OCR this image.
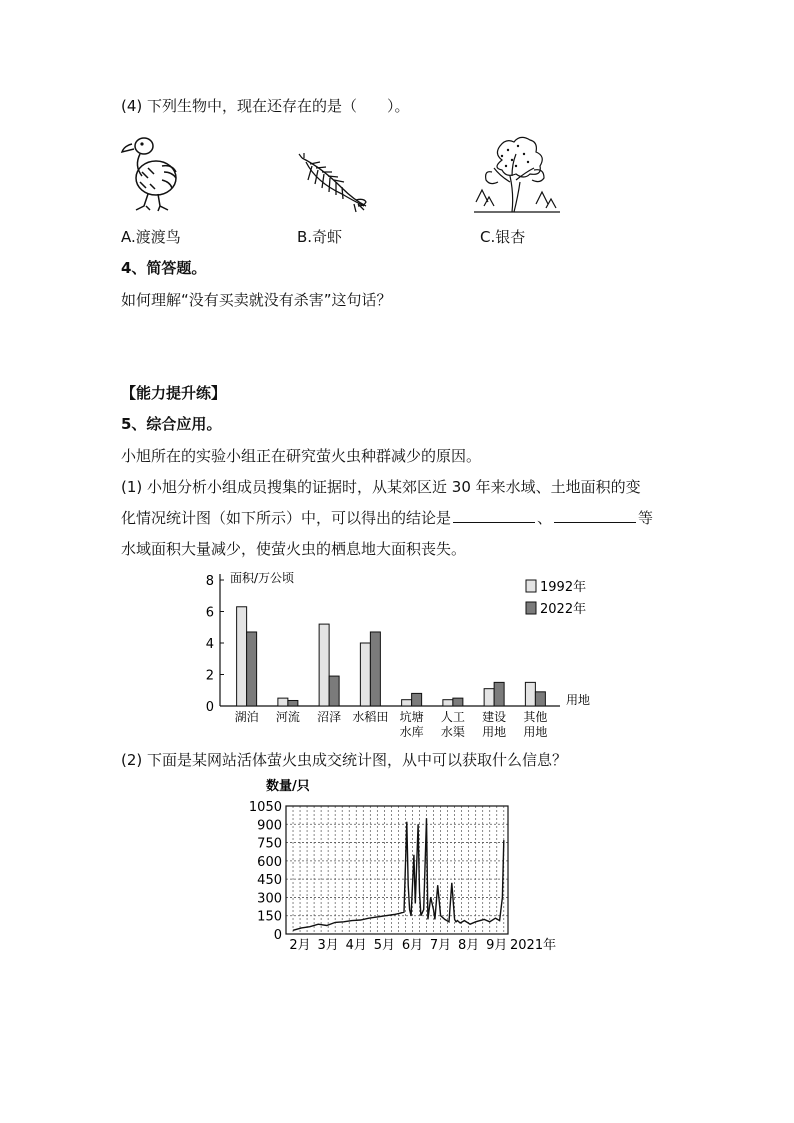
(4) 下列生物中，现在还存在的是（　　）。
A.渡渡鸟	B.奇虾	C.银杏
4、简答题。
如何理解“没有买卖就没有杀害”这句话？
【能力提升练】
5、综合应用。
小旭所在的实验小组正在研究萤火虫种群减少的原因。
(1) 小旭分析小组成员搜集的证据时，从某郊区近 30 年来水域、土地面积的变
化情况统计图（如下所示）中，可以得出的结论是	、	等
水域面积大量减少，使萤火虫的栖息地大面积丧失。
0
2
4
6
8 面积/万公顷
用地
湖泊 河流 沼泽 水稻田 坑塘
水库
人工
水渠
建设
用地
其他
用地
1992年
2022年
(2) 下面是某网站活体萤火虫成交统计图，从中可以获取什么信息？
0
150
300
450
600
750
900
1050
数量/只
2月 3月 4月 5月 6月 7月 8月 9月 2021年
